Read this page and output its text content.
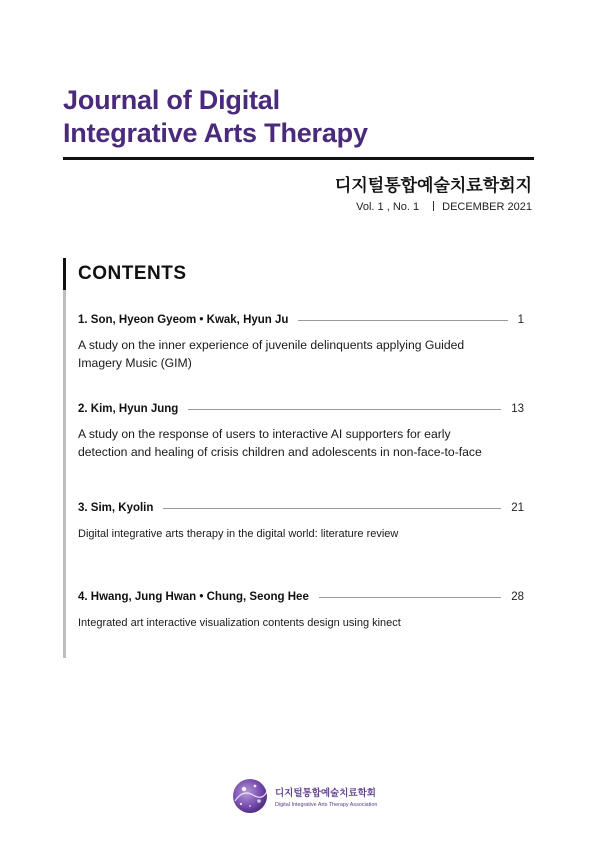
Journal of Digital
Integrative Arts Therapy
디지털통합예술치료학회지
Vol. 1 , No. 1 DECEMBER 2021
CONTENTS
1. Son, Hyeon Gyeom • Kwak, Hyun Ju	1
A study on the inner experience of juvenile delinquents applying Guided
Imagery Music (GIM)
2. Kim, Hyun Jung	13
A study on the response of users to interactive AI supporters for early
detection and healing of crisis children and adolescents in non-face-to-face
3. Sim, Kyolin	21
Digital integrative arts therapy in the digital world: literature review
4. Hwang, Jung Hwan • Chung, Seong Hee	28
Integrated art interactive visualization contents design using kinect
디지털통합예술치료학회
Digital Integrative Arts Therapy Association
